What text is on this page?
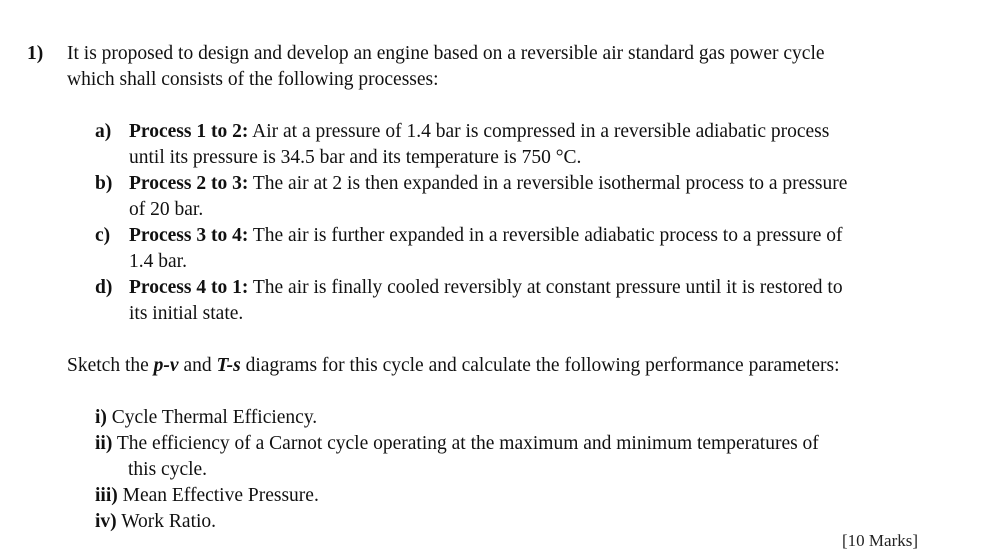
1) It is proposed to design and develop an engine based on a reversible air standard gas power cycle
which shall consists of the following processes:
a) Process 1 to 2: Air at a pressure of 1.4 bar is compressed in a reversible adiabatic process
until its pressure is 34.5 bar and its temperature is 750 °C.
b) Process 2 to 3: The air at 2 is then expanded in a reversible isothermal process to a pressure
of 20 bar.
c) Process 3 to 4: The air is further expanded in a reversible adiabatic process to a pressure of
1.4 bar.
d) Process 4 to 1: The air is finally cooled reversibly at constant pressure until it is restored to
its initial state.
Sketch the p-v and T-s diagrams for this cycle and calculate the following performance parameters:
i) Cycle Thermal Efficiency.
ii) The efficiency of a Carnot cycle operating at the maximum and minimum temperatures of
this cycle.
iii) Mean Effective Pressure.
iv) Work Ratio.
[10 Marks]
